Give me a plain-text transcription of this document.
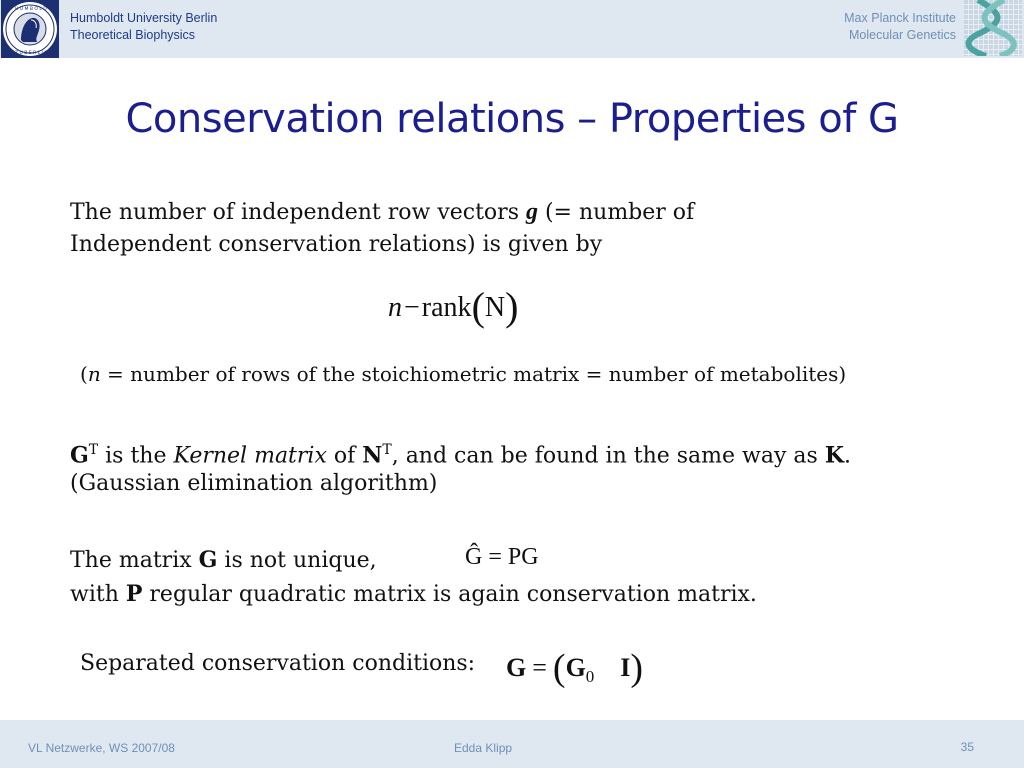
H U M B O L D T
Z U B E R L I N
Humboldt University Berlin
Theoretical Biophysics
Max Planck Institute
Molecular Genetics
Conservation relations – Properties of G
The number of independent row vectors g (= number of
Independent conservation relations) is given by
n−rank(N)
(n = number of rows of the stoichiometric matrix = number of metabolites)
$G^T$ is the Kernel matrix of $N^T$, and can be found in the same way as K.
(Gaussian elimination algorithm)
The matrix G is not unique,	Ĝ = PG
with P regular quadratic matrix is again conservation matrix.
Separated conservation conditions: $G = (G_0$ I)
VL Netzwerke, WS 2007/08	Edda Klipp	35
